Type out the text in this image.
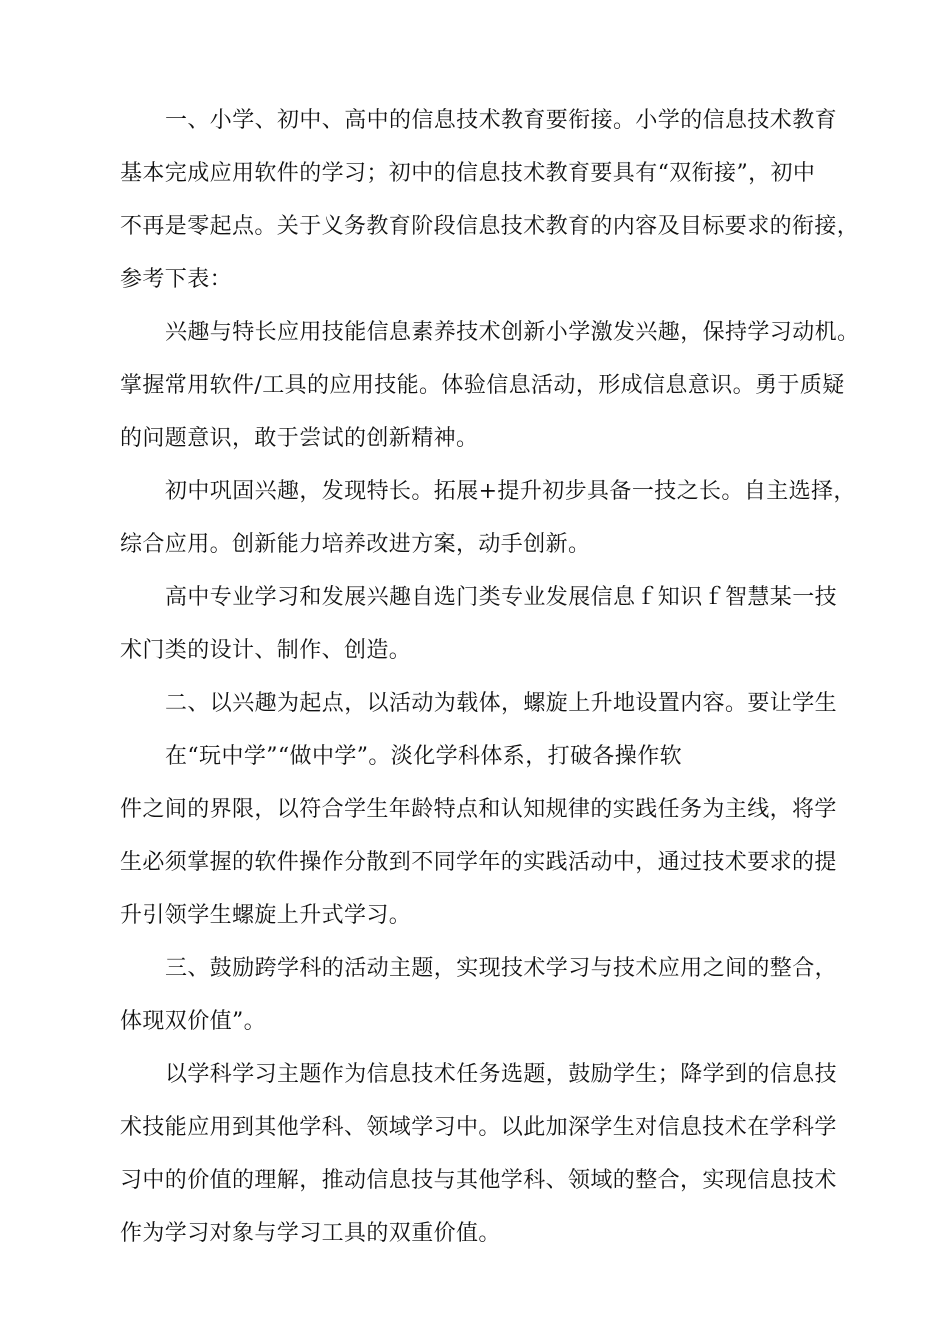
一、小学、初中、高中的信息技术教育要衔接。小学的信息技术教育
基本完成应用软件的学习；初中的信息技术教育要具有“双衔接”，初中
不再是零起点。关于义务教育阶段信息技术教育的内容及目标要求的衔接，
参考下表：
兴趣与特长应用技能信息素养技术创新小学激发兴趣，保持学习动机。
掌握常用软件/工具的应用技能。体验信息活动，形成信息意识。勇于质疑
的问题意识，敢于尝试的创新精神。
初中巩固兴趣，发现特长。拓展+提升初步具备一技之长。自主选择，
综合应用。创新能力培养改进方案，动手创新。
高中专业学习和发展兴趣自选门类专业发展信息ｆ知识ｆ智慧某一技
术门类的设计、制作、创造。
二、以兴趣为起点，以活动为载体，螺旋上升地设置内容。要让学生
在“玩中学”“做中学”。淡化学科体系，打破各操作软
件之间的界限，以符合学生年龄特点和认知规律的实践任务为主线，将学
生必须掌握的软件操作分散到不同学年的实践活动中，通过技术要求的提
升引领学生螺旋上升式学习。
三、鼓励跨学科的活动主题，实现技术学习与技术应用之间的整合，
体现双价值”。
以学科学习主题作为信息技术任务选题，鼓励学生；降学到的信息技
术技能应用到其他学科、领域学习中。以此加深学生对信息技术在学科学
习中的价值的理解，推动信息技与其他学科、领域的整合，实现信息技术
作为学习对象与学习工具的双重价值。
